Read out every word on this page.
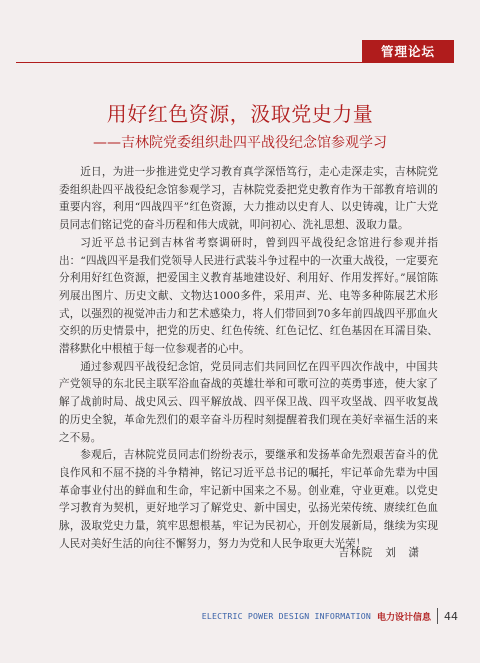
管理论坛
用好红色资源，汲取党史力量
——吉林院党委组织赴四平战役纪念馆参观学习

近日，为进一步推进党史学习教育真学深悟笃行，走心走深走实，吉林院党委组织赴四平战役纪念馆参观学习，吉林院党委把党史教育作为干部教育培训的重要内容，利用“四战四平”红色资源，大力推动以史育人、以史铸魂，让广大党员同志们铭记党的奋斗历程和伟大成就，叩问初心、洗礼思想、汲取力量。

习近平总书记到吉林省考察调研时，曾到四平战役纪念馆进行参观并指出：“四战四平是我们党领导人民进行武装斗争过程中的一次重大战役，一定要充分利用好红色资源，把爱国主义教育基地建设好、利用好、作用发挥好。”展馆陈列展出图片、历史文献、文物达1000多件，采用声、光、电等多种陈展艺术形式，以强烈的视觉冲击力和艺术感染力，将人们带回到70多年前四战四平那血火交织的历史情景中，把党的历史、红色传统、红色记忆、红色基因在耳濡目染、潜移默化中根植于每一位参观者的心中。

通过参观四平战役纪念馆，党员同志们共同回忆在四平四次作战中，中国共产党领导的东北民主联军浴血奋战的英雄壮举和可歌可泣的英勇事迹，使大家了解了战前时局、战史风云、四平解放战、四平保卫战、四平攻坚战、四平收复战的历史全貌，革命先烈们的艰辛奋斗历程时刻提醒着我们现在美好幸福生活的来之不易。

参观后，吉林院党员同志们纷纷表示，要继承和发扬革命先烈艰苦奋斗的优良作风和不屈不挠的斗争精神，铭记习近平总书记的嘱托，牢记革命先辈为中国革命事业付出的鲜血和生命，牢记新中国来之不易。创业难，守业更难。以党史学习教育为契机，更好地学习了解党史、新中国史，弘扬光荣传统、赓续红色血脉，汲取党史力量，筑牢思想根基，牢记为民初心，开创发展新局，继续为实现人民对美好生活的向往不懈努力，努力为党和人民争取更大光荣！

吉林院 刘　潇
ELECTRIC POWER DESIGN INFORMATION 电力设计信息 44
